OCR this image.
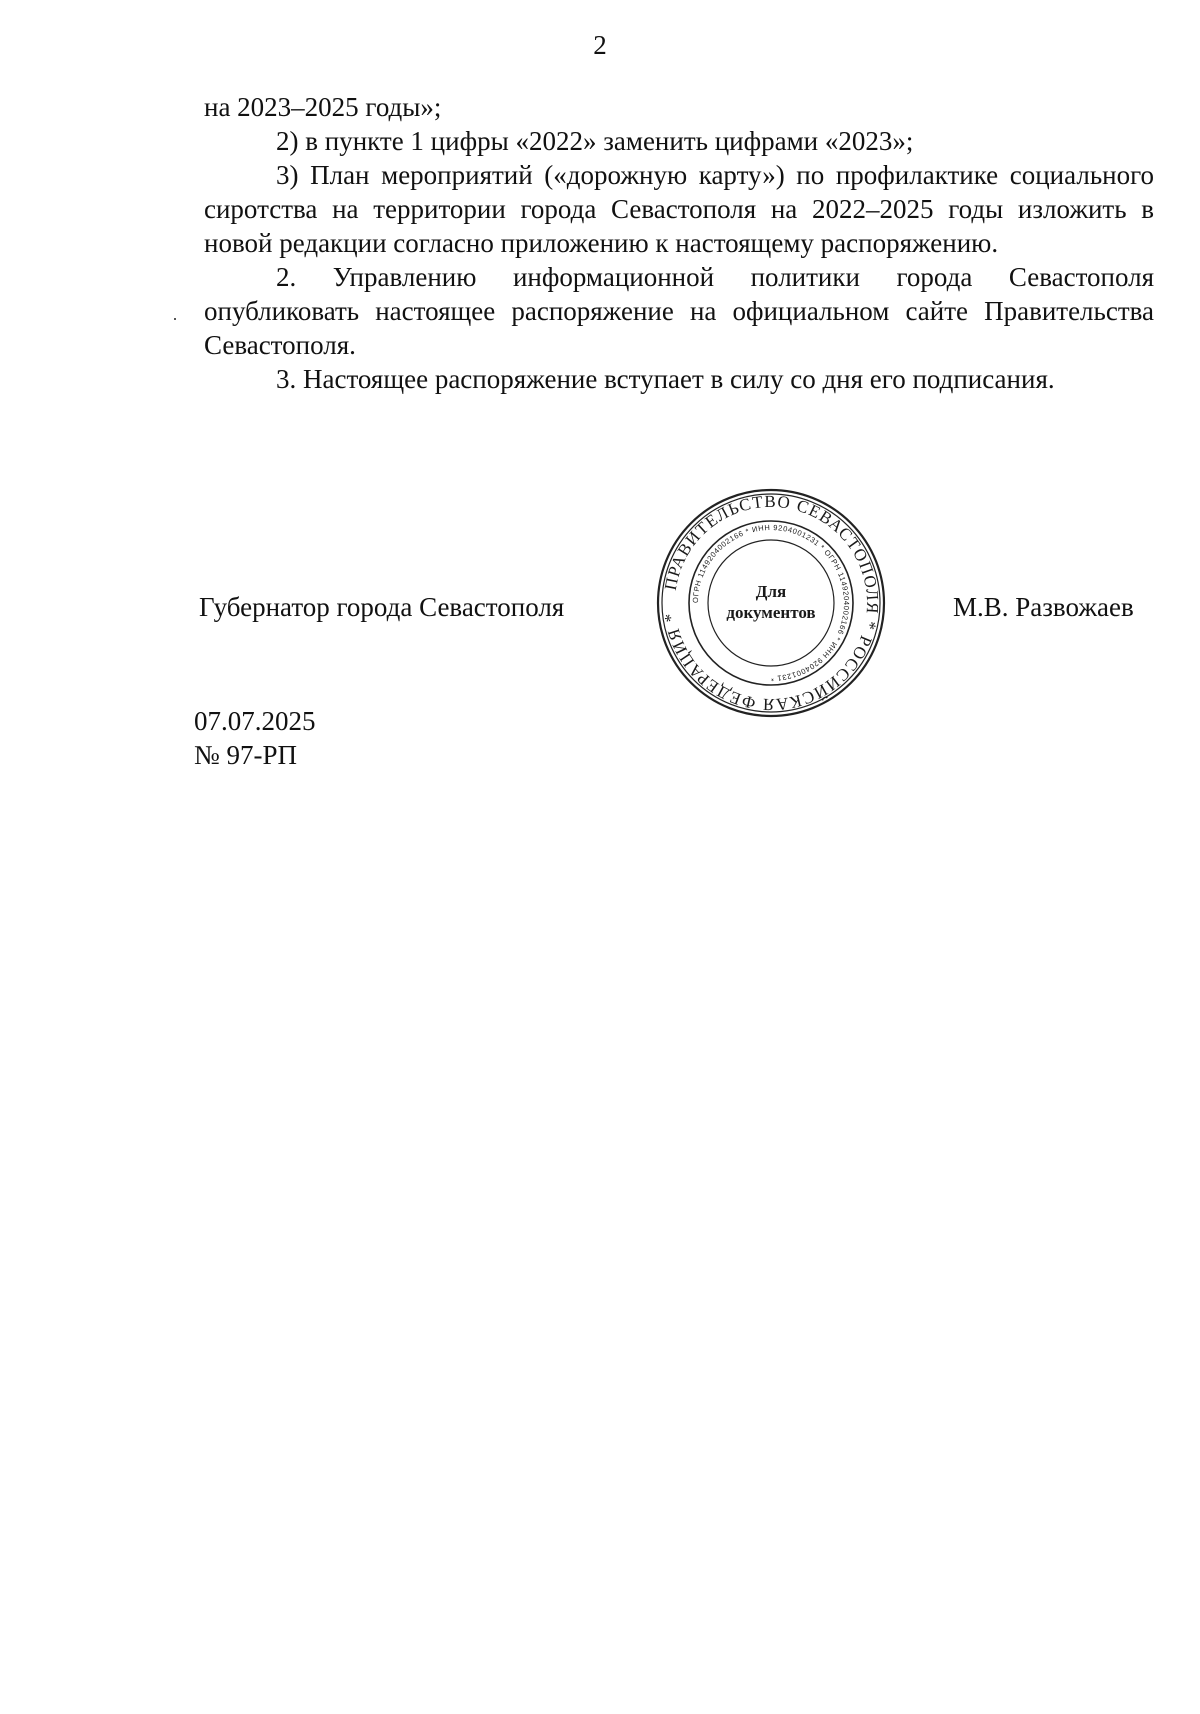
2

на 2023–2025 годы»;

2) в пункте 1 цифры «2022» заменить цифрами «2023»;

3) План мероприятий («дорожную карту») по профилактике социального сиротства на территории города Севастополя на 2022–2025 годы изложить в новой редакции согласно приложению к настоящему распоряжению.

2. Управлению информационной политики города Севастополя опубликовать настоящее распоряжение на официальном сайте Правительства Севастополя.

3. Настоящее распоряжение вступает в силу со дня его подписания.

Губернатор города Севастополя
ПРАВИТЕЛЬСТВО СЕВАСТОПОЛЯ * РОССИЙСКАЯ ФЕДЕРАЦИЯ *
ОГРН 1149204002166 * ИНН 9204001231 * ОГРН 1149204002166 * ИНН 9204001231 *
Для
документов	М.В. Развожаев
07.07.2025
№ 97-РП
